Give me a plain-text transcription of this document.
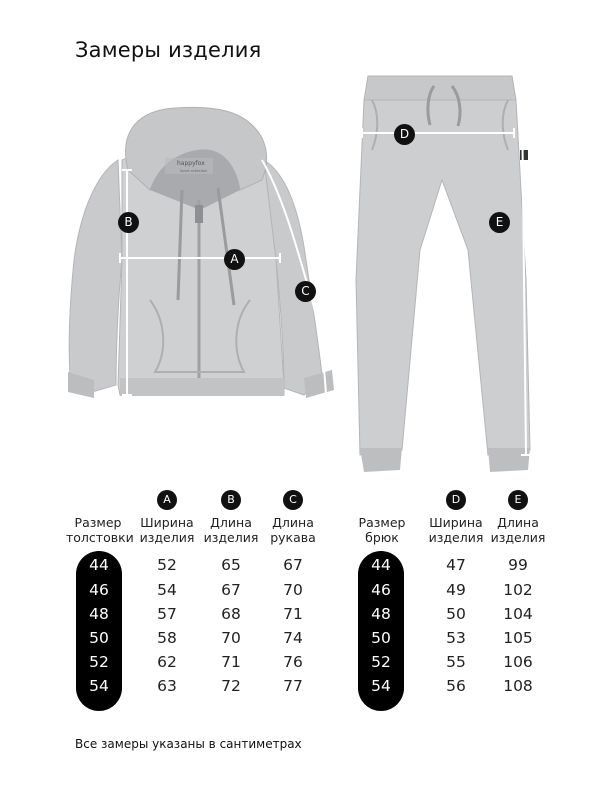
Замеры изделия
happyfox
Sport collection
A
B
C
D
E
Размер
толстовки
A
Ширина
изделия
B
Длина
изделия
C
Длина
рукава
44
46
48
50
52
54
52
54
57
58
62
63
65
67
68
70
71
72
67
70
71
74
76
77
Размер
брюк
D
Ширина
изделия
E
Длина
изделия
44
46
48
50
52
54
47
49
50
53
55
56
99
102
104
105
106
108
Все замеры указаны в сантиметрах
